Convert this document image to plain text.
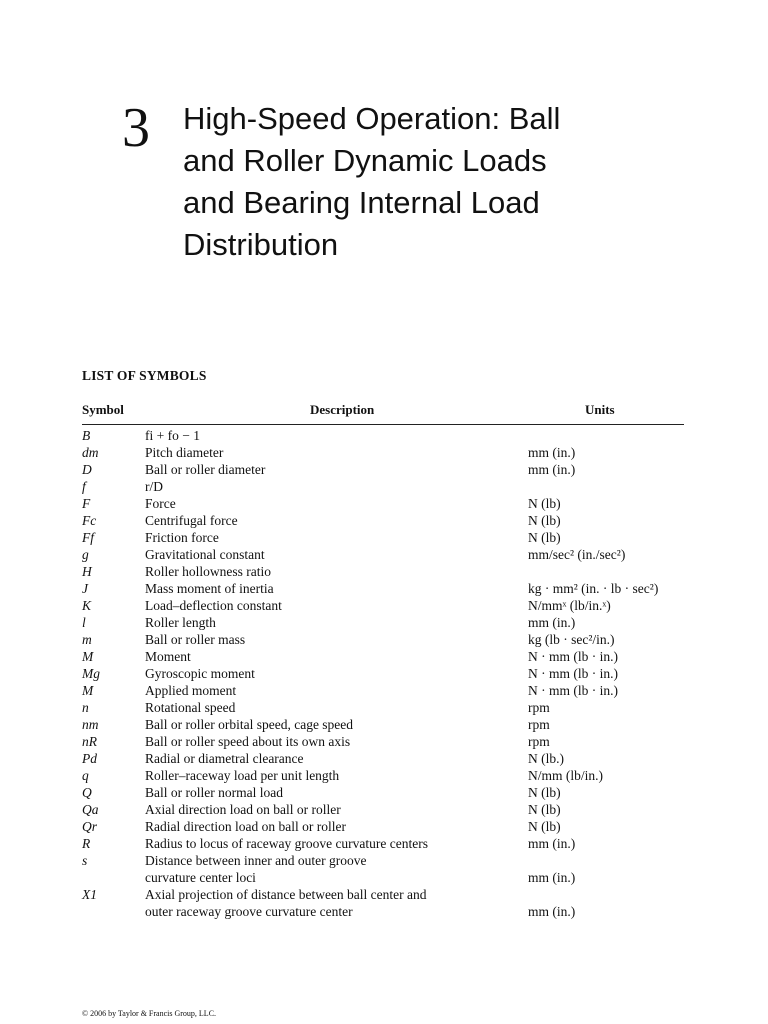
3 High-Speed Operation: Ball
and Roller Dynamic Loads
and Bearing Internal Load
Distribution
LIST OF SYMBOLS
Symbol	Description	Units
B	fi + fo − 1
dm	Pitch diameter	mm (in.)
D	Ball or roller diameter	mm (in.)
f	r/D
F	Force	N (lb)
Fc	Centrifugal force	N (lb)
Ff	Friction force	N (lb)
g	Gravitational constant	mm/sec² (in./sec²)
H	Roller hollowness ratio
J	Mass moment of inertia	kg · mm² (in. · lb · sec²)
K	Load–deflection constant	N/mmˣ (lb/in.ˣ)
l	Roller length	mm (in.)
m	Ball or roller mass	kg (lb · sec²/in.)
M	Moment	N · mm (lb · in.)
Mg	Gyroscopic moment	N · mm (lb · in.)
M	Applied moment	N · mm (lb · in.)
n	Rotational speed	rpm
nm	Ball or roller orbital speed, cage speed	rpm
nR	Ball or roller speed about its own axis	rpm
Pd	Radial or diametral clearance	N (lb.)
q	Roller–raceway load per unit length	N/mm (lb/in.)
Q	Ball or roller normal load	N (lb)
Qa	Axial direction load on ball or roller	N (lb)
Qr	Radial direction load on ball or roller	N (lb)
R	Radius to locus of raceway groove curvature centers	mm (in.)
s	Distance between inner and outer groove
curvature center loci	mm (in.)
X1	Axial projection of distance between ball center and
outer raceway groove curvature center	mm (in.)
© 2006 by Taylor & Francis Group, LLC.
